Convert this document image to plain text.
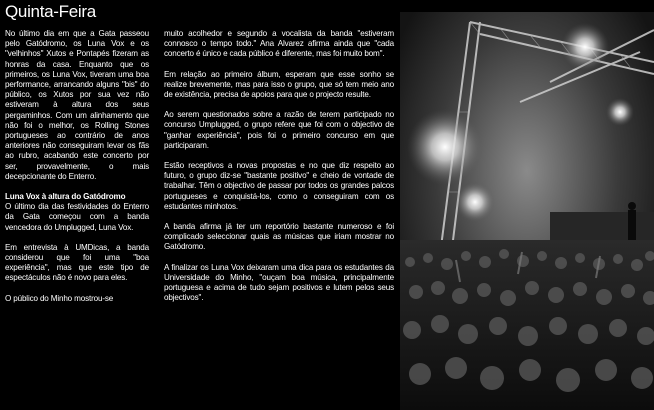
Quinta-Feira

No último dia em que a Gata passeou pelo Gatódromo, os Luna Vox e os "velhinhos" Xutos e Pontapés fizeram as honras da casa. Enquanto que os primeiros, os Luna Vox, tiveram uma boa performance, arrancando alguns "bis" do público, os Xutos por sua vez não estiveram à altura dos seus pergaminhos. Com um alinhamento que não foi o melhor, os Rolling Stones portugueses ao contrário de anos anteriores não conseguiram levar os fãs ao rubro, acabando este concerto por ser, provavelmente, o mais decepcionante do Enterro.

Luna Vox à altura do Gatódromo
O último dia das festividades do Enterro da Gata começou com a banda vencedora do Umplugged, Luna Vox.

Em entrevista à UMDicas, a banda considerou que foi uma "boa experiência", mas que este tipo de espectáculos não é novo para eles.

O público do Minho mostrou-se

muito acolhedor e segundo a vocalista da banda "estiveram connosco o tempo todo." Ana Alvarez afirma ainda que "cada concerto é único e cada público é diferente, mas foi muito bom".

Em relação ao primeiro álbum, esperam que esse sonho se realize brevemente, mas para isso o grupo, que só tem meio ano de existência, precisa de apoios para que o projecto resulte.

Ao serem questionados sobre a razão de terem participado no concurso Umplugged, o grupo refere que foi com o objectivo de "ganhar experiência", pois foi o primeiro concurso em que participaram.

Estão receptivos a novas propostas e no que diz respeito ao futuro, o grupo diz-se "bastante positivo" e cheio de vontade de trabalhar. Têm o objectivo de passar por todos os grandes palcos portugueses e conquistá-los, como o conseguiram com os estudantes minhotos.

A banda afirma já ter um reportório bastante numeroso e foi complicado seleccionar quais as músicas que iriam mostrar no Gatódromo.

A finalizar os Luna Vox deixaram uma dica para os estudantes da Universidade do Minho, "ouçam boa música, principalmente portuguesa e acima de tudo sejam positivos e lutem pelos seus objectivos".
